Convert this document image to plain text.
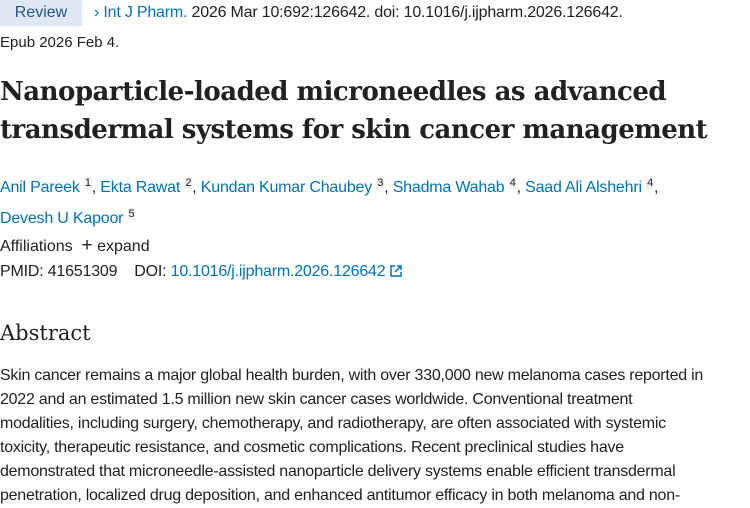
Review	› Int J Pharm. 2026 Mar 10:692:126642. doi: 10.1016/j.ijpharm.2026.126642.
Epub 2026 Feb 4.
Nanoparticle-loaded microneedles as advanced
transdermal systems for skin cancer management
Anil Pareek $^1$, Ekta Rawat $^2$, Kundan Kumar Chaubey $^3$, Shadma Wahab $^4$, Saad Ali Alshehri $^4$,
Devesh U Kapoor $^5$
Affiliations + expand
PMID: 41651309 DOI: 10.1016/j.ijpharm.2026.126642
Abstract
Skin cancer remains a major global health burden, with over 330,000 new melanoma cases reported in
2022 and an estimated 1.5 million new skin cancer cases worldwide. Conventional treatment
modalities, including surgery, chemotherapy, and radiotherapy, are often associated with systemic
toxicity, therapeutic resistance, and cosmetic complications. Recent preclinical studies have
demonstrated that microneedle-assisted nanoparticle delivery systems enable efficient transdermal
penetration, localized drug deposition, and enhanced antitumor efficacy in both melanoma and non-
